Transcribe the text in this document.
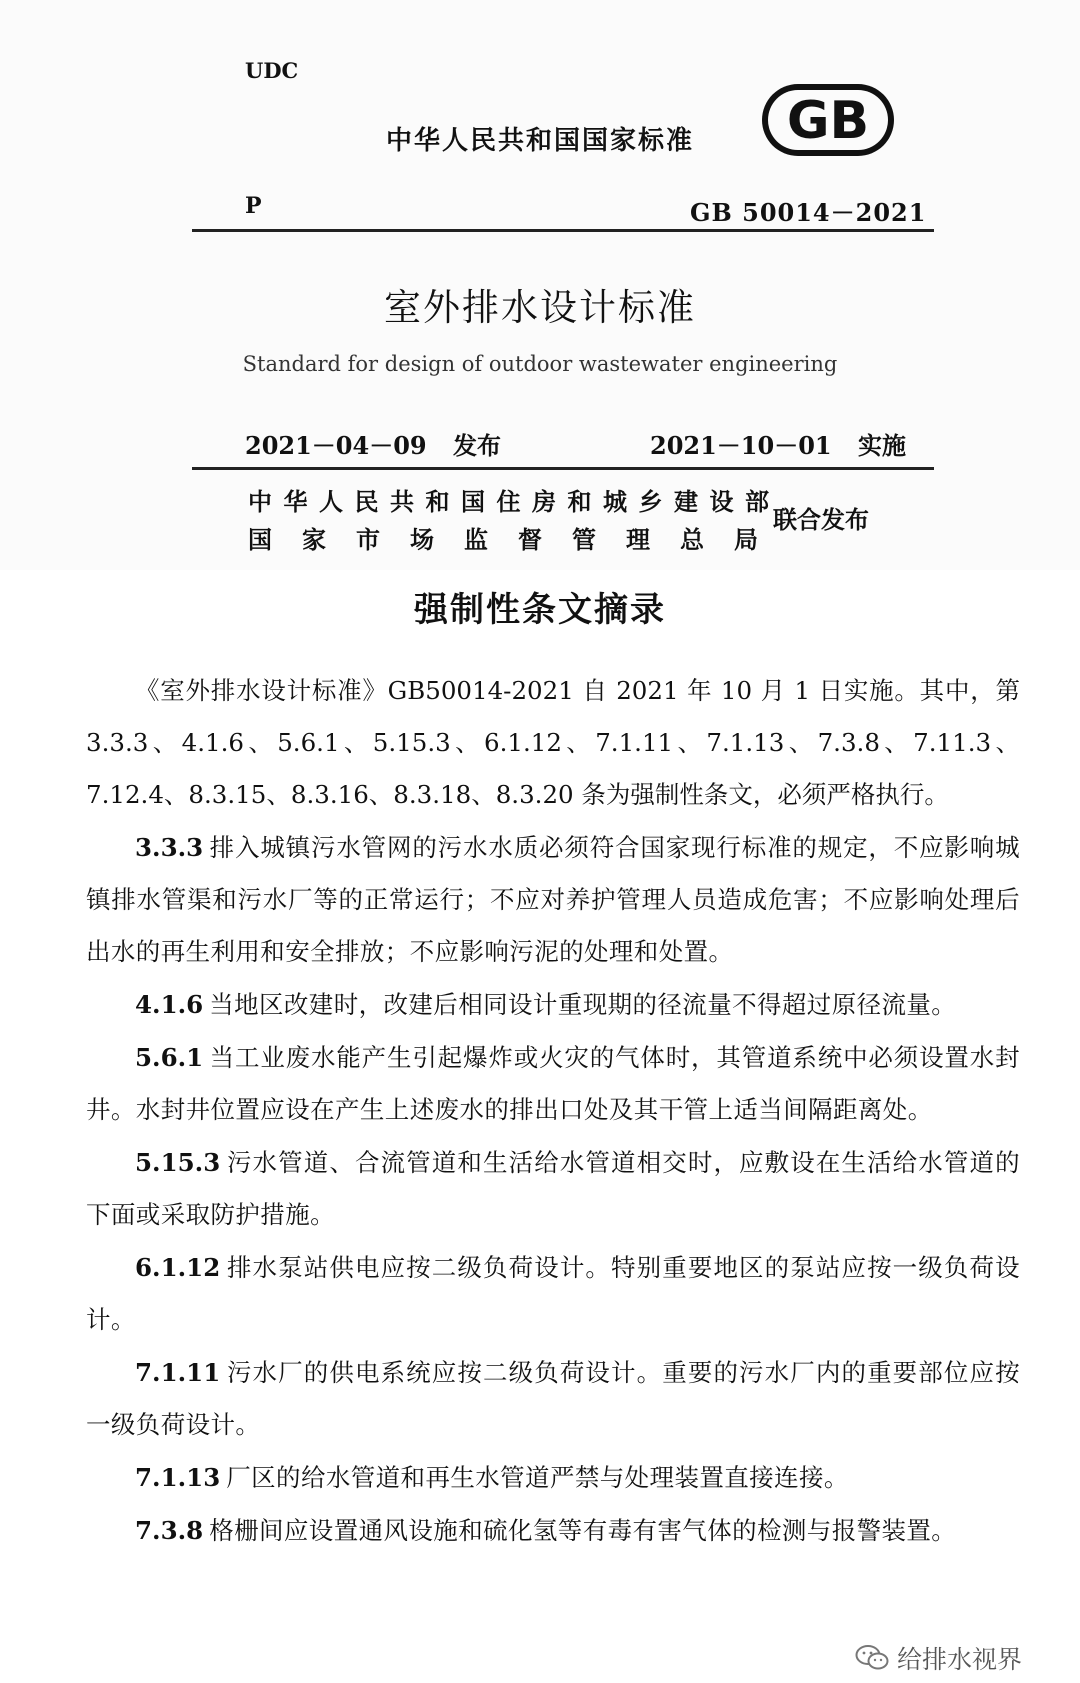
UDC
中华人民共和国国家标准	GB
P	GB 50014－2021
室外排水设计标准
Standard for design of outdoor wastewater engineering
2021－04－09 发布	2021－10－01 实施
中华人民共和国住房和城乡建设部
国家市场监督管理总局
联合发布
强制性条文摘录

《室外排水设计标准》GB50014-2021 自 2021 年 10 月 1 日实施。其中，第 3.3.3、4.1.6、5.6.1、5.15.3、6.1.12、7.1.11、7.1.13、7.3.8、7.11.3、7.12.4、8.3.15、8.3.16、8.3.18、8.3.20 条为强制性条文，必须严格执行。

3.3.3 排入城镇污水管网的污水水质必须符合国家现行标准的规定，不应影响城镇排水管渠和污水厂等的正常运行；不应对养护管理人员造成危害；不应影响处理后出水的再生利用和安全排放；不应影响污泥的处理和处置。

4.1.6 当地区改建时，改建后相同设计重现期的径流量不得超过原径流量。

5.6.1 当工业废水能产生引起爆炸或火灾的气体时，其管道系统中必须设置水封井。水封井位置应设在产生上述废水的排出口处及其干管上适当间隔距离处。

5.15.3 污水管道、合流管道和生活给水管道相交时，应敷设在生活给水管道的下面或采取防护措施。

6.1.12 排水泵站供电应按二级负荷设计。特别重要地区的泵站应按一级负荷设计。

7.1.11 污水厂的供电系统应按二级负荷设计。重要的污水厂内的重要部位应按一级负荷设计。

7.1.13 厂区的给水管道和再生水管道严禁与处理装置直接连接。

7.3.8 格栅间应设置通风设施和硫化氢等有毒有害气体的检测与报警装置。

给排水视界
